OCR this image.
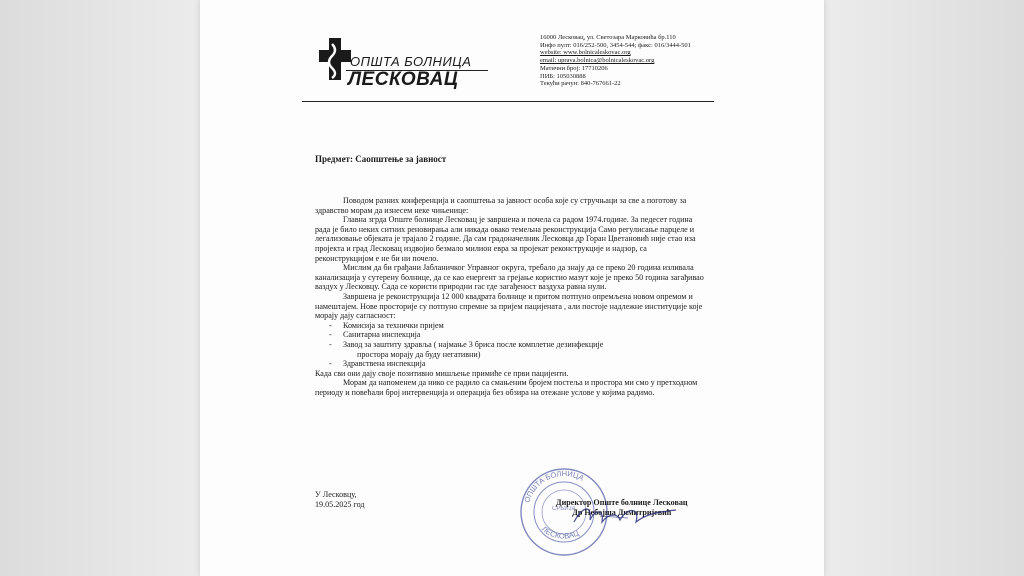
ОПШТА БОЛНИЦА
ЛЕСКОВАЦ
16000 Лесковац, ул. Светозара Марковића бр.110
Инфо пулт: 016/252-500, 3454-544; факс: 016/3444-501
website: www.bolnicaleskovac.org
email: uprava.bolnica@bolnicaleskovac.org
Матични број: 17710206
ПИБ: 105030888
Текући рачун: 840-767661-22
Предмет: Саопштење за јавност

Поводом разних конференција и саопштења за јавност особа које су стручњаци за све а поготову за здравство морам да изнесем неке чињенице:

Главна згрда Опште болнице Лесковац је завршена и почела са радом 1974.године. За педесет година рада је било неких ситних реновирања али никада овако темељна реконструкција Само регулисање парцеле и легализовање објеката је трајало 2 године. Да сам градоначелник Лесковца др Горан Цветановић није стао иза пројекта и град Лесковац издвојио безмало милион евра за пројекат реконструкције и надзор, са реконструкцијом е не би ни почело.

Мислим да би грађани Јабланичког Управног округа, требало да знају да се преко 20 година изливала канализација у сутерену болнице, да се као енергент за грејање користио мазут које је преко 50 година загађивао ваздух у Лесковцу. Сада се користи природни гас где загађеност ваздуха равна нули.

Завршена је реконструкција 12 000 квадрата болнице и притом потпуно опремљена новом опремом и намештајем. Нове просторије су потпуно спремне за пријем пацијената , али постоје надлежне институције које морају дају сагласност:

- Комисија за технички пријем

- Санитарна инспекција

- Завод за заштиту здравља ( најмање 3 бриса после комплетне дезинфекције

простора морају да буду негативни)

- Здравствена инспекција

Када сви они дају своје позитивно мишљење примиће се први пацијенти.

Морам да напоменем да нико се радило са смањеним бројем постеља и простора ми смо у претходном периоду и повећали број интервенција и операција без обзира на отежане услове у којима радимо.

У Лесковцу,
19.05.2025 год
ОПШТА БОЛНИЦА
СРБИЈА
ЛЕСКОВАЦ
Директор Опште болнице Лесковац
Др Небојша Димитријевић
